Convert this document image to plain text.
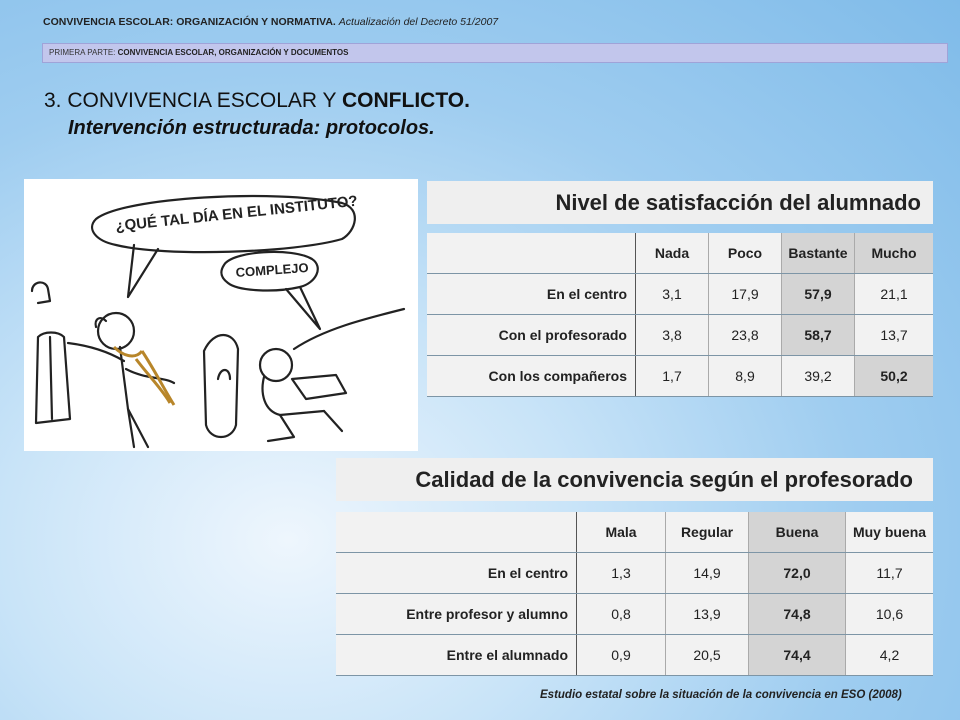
CONVIVENCIA ESCOLAR: ORGANIZACIÓN Y NORMATIVA. Actualización del Decreto 51/2007
PRIMERA PARTE: CONVIVENCIA ESCOLAR, ORGANIZACIÓN Y DOCUMENTOS
3. CONVIVENCIA ESCOLAR Y CONFLICTO.
Intervención estructurada: protocolos.
¿QUÉ TAL DÍA EN EL INSTITUTO?
COMPLEJO
Nivel de satisfacción del alumnado
Nada	Poco	Bastante	Mucho
En el centro	3,1	17,9	57,9	21,1
Con el profesorado	3,8	23,8	58,7	13,7
Con los compañeros	1,7	8,9	39,2	50,2
Calidad de la convivencia según el profesorado
Mala	Regular	Buena	Muy buena
En el centro	1,3	14,9	72,0	11,7
Entre profesor y alumno	0,8	13,9	74,8	10,6
Entre el alumnado	0,9	20,5	74,4	4,2
Estudio estatal sobre la situación de la convivencia en ESO (2008)
